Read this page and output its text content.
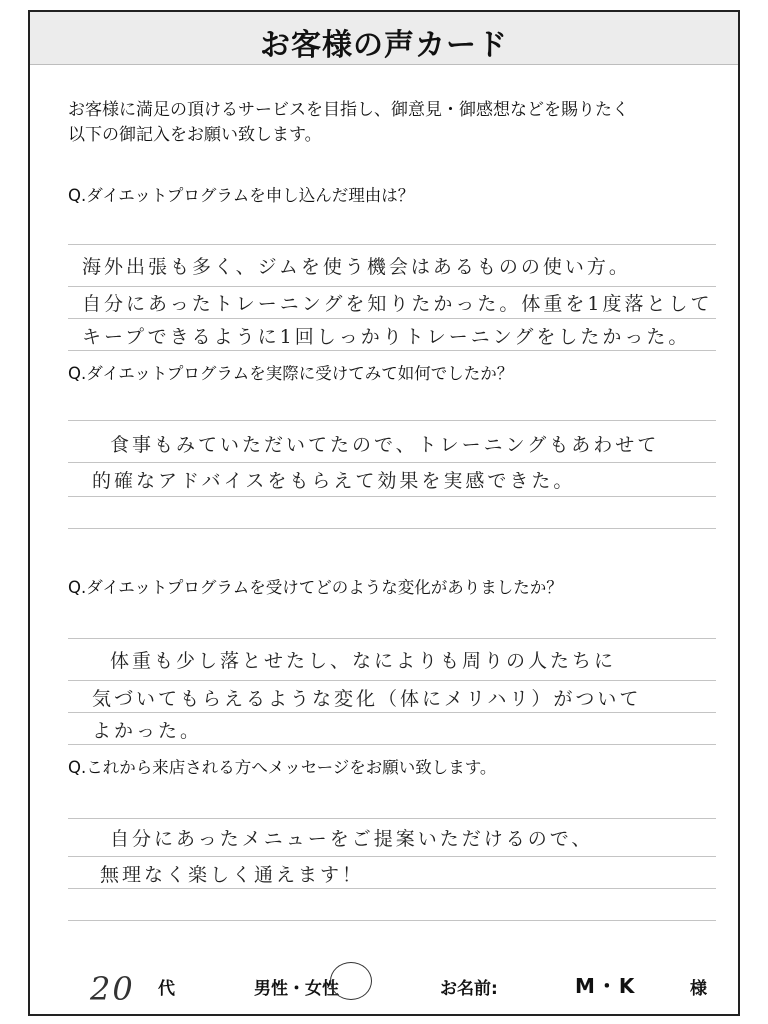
お客様の声カード
お客様に満足の頂けるサービスを目指し、御意見・御感想などを賜りたく
以下の御記入をお願い致します。
Q.ダイエットプログラムを申し込んだ理由は？
海外出張も多く、ジムを使う機会はあるものの使い方。
自分にあったトレーニングを知りたかった。体重を1度落として
キープできるように1回しっかりトレーニングをしたかった。
Q.ダイエットプログラムを実際に受けてみて如何でしたか？
食事もみていただいてたので、トレーニングもあわせて
的確なアドバイスをもらえて効果を実感できた。
Q.ダイエットプログラムを受けてどのような変化がありましたか？
体重も少し落とせたし、なによりも周りの人たちに
気づいてもらえるような変化（体にメリハリ）がついて
よかった。
Q.これから来店される方へメッセージをお願い致します。
自分にあったメニューをご提案いただけるので、
無理なく楽しく通えます！
20 代	男性・女性	お名前:	M・K	様
